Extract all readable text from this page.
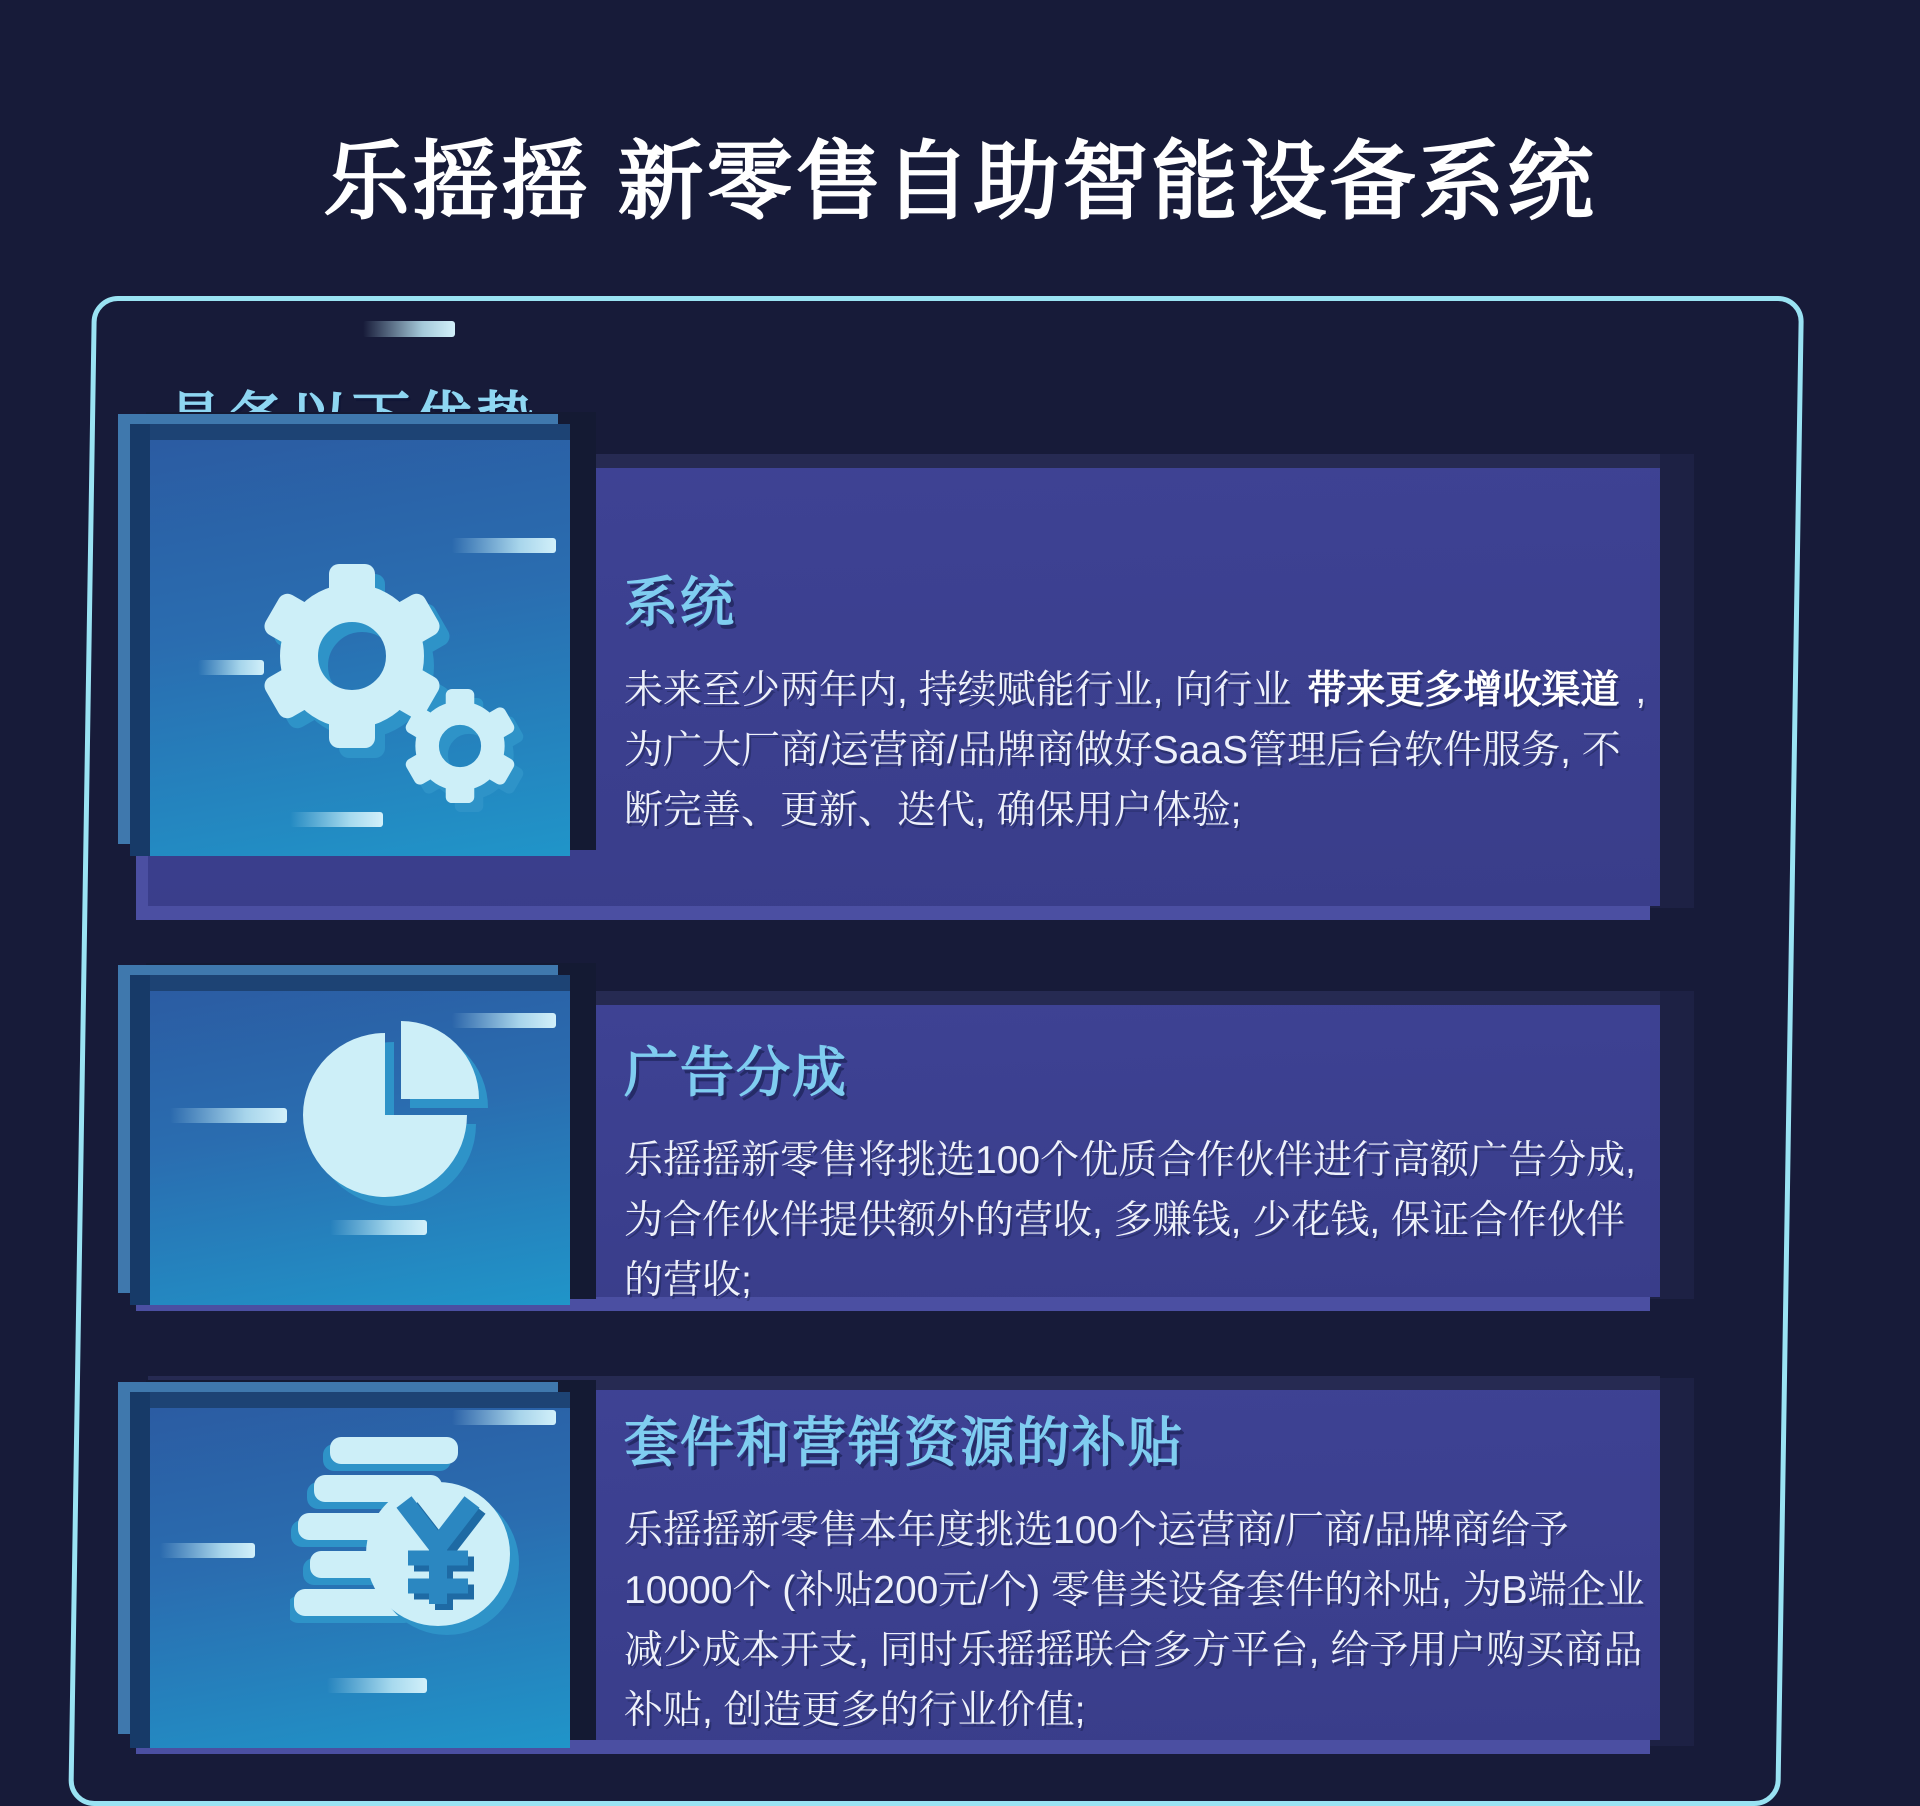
乐摇摇 新零售自助智能设备系统
系统

未来至少两年内, 持续赋能行业, 向行业 带来更多增收渠道 , 为广大厂商/运营商/品牌商做好SaaS管理后台软件服务, 不断完善、更新、迭代, 确保用户体验;

广告分成

乐摇摇新零售将挑选100个优质合作伙伴进行高额广告分成, 为合作伙伴提供额外的营收, 多赚钱, 少花钱, 保证合作伙伴的营收;

套件和营销资源的补贴

乐摇摇新零售本年度挑选100个运营商/厂商/品牌商给予10000个 (补贴200元/个) 零售类设备套件的补贴, 为B端企业减少成本开支, 同时乐摇摇联合多方平台, 给予用户购买商品补贴, 创造更多的行业价值;
